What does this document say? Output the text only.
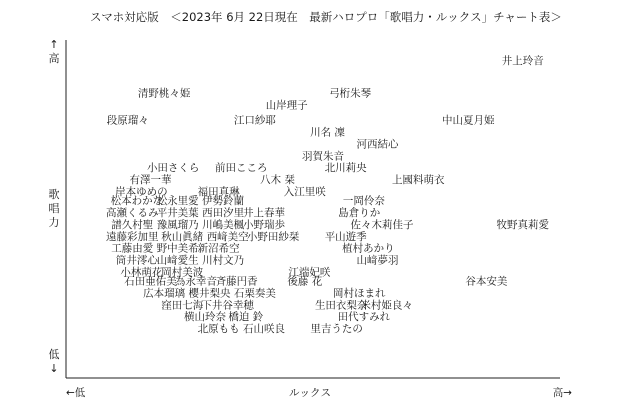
スマホ対応版　＜2023年 6月 22日現在　最新ハロプロ「歌唱力・ルックス」チャート表＞
↑
高
歌唱力
低
↓
←低	ルックス	高→
井上玲音
清野桃々姫	弓桁朱琴
山岸理子
段原瑠々	江口紗耶	中山夏月姫
川名 凜
河西結心
羽賀朱音
小田さくら 前田こころ	北川莉央
有澤一華	八木 栞	上國料萌衣
岸本ゆめの	福田真琳	入江里咲
松本わかな
松永里愛 伊勢鈴蘭	一岡伶奈
高瀬くるみ
平井美葉 西田汐里
井上春華	島倉りか
譜久村聖 豫風瑠乃 川嶋美楓
小野瑞歩	佐々木莉佳子	牧野真莉愛
遠藤彩加里 秋山眞緒 西﨑美空
小野田紗栞 平山遊季
工藤由愛 野中美希
新沼希空	植村あかり
筒井澪心
山﨑愛生 川村文乃	山﨑夢羽
小林萌花
岡村美波	江端妃咲
石田亜佑美
為永幸音
斉藤円香	後藤 花	谷本安美
広本瑠璃 櫻井梨央 石栗奏美	岡村ほまれ
窪田七海
下井谷幸穂	生田衣梨奈
米村姫良々
横山玲奈 橋迫 鈴	田代すみれ
北原もも 石山咲良 里吉うたの
